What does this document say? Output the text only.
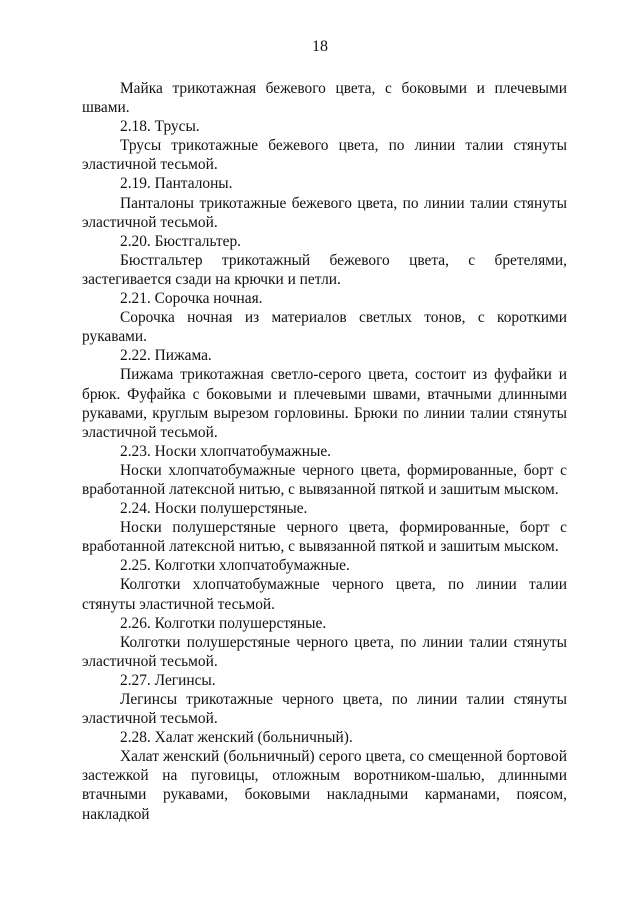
18

Майка трикотажная бежевого цвета, с боковыми и плечевыми швами.

2.18. Трусы.

Трусы трикотажные бежевого цвета, по линии талии стянуты эластичной тесьмой.

2.19. Панталоны.

Панталоны трикотажные бежевого цвета, по линии талии стянуты эластичной тесьмой.

2.20. Бюстгальтер.

Бюстгальтер трикотажный бежевого цвета, с бретелями, застегивается сзади на крючки и петли.

2.21. Сорочка ночная.

Сорочка ночная из материалов светлых тонов, с короткими рукавами.

2.22. Пижама.

Пижама трикотажная светло-серого цвета, состоит из фуфайки и брюк. Фуфайка с боковыми и плечевыми швами, втачными длинными рукавами, круглым вырезом горловины. Брюки по линии талии стянуты эластичной тесьмой.

2.23. Носки хлопчатобумажные.

Носки хлопчатобумажные черного цвета, формированные, борт с вработанной латексной нитью, с вывязанной пяткой и зашитым мыском.

2.24. Носки полушерстяные.

Носки полушерстяные черного цвета, формированные, борт с вработанной латексной нитью, с вывязанной пяткой и зашитым мыском.

2.25. Колготки хлопчатобумажные.

Колготки хлопчатобумажные черного цвета, по линии талии стянуты эластичной тесьмой.

2.26. Колготки полушерстяные.

Колготки полушерстяные черного цвета, по линии талии стянуты эластичной тесьмой.

2.27. Легинсы.

Легинсы трикотажные черного цвета, по линии талии стянуты эластичной тесьмой.

2.28. Халат женский (больничный).

Халат женский (больничный) серого цвета, со смещенной бортовой застежкой на пуговицы, отложным воротником-шалью, длинными втачными рукавами, боковыми накладными карманами, поясом, накладкой
